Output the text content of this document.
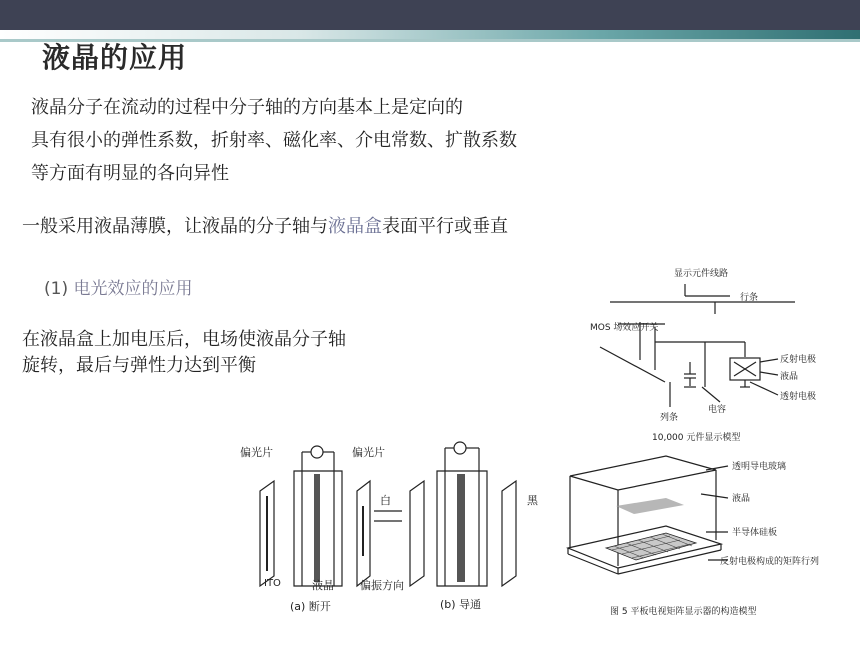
液晶的应用
液晶分子在流动的过程中分子轴的方向基本上是定向的
具有很小的弹性系数，折射率、磁化率、介电常数、扩散系数
等方面有明显的各向异性
一般采用液晶薄膜，让液晶的分子轴与液晶盒表面平行或垂直
(1) 电光效应的应用
在液晶盒上加电压后，电场使液晶分子轴
旋转，最后与弹性力达到平衡
显示元件线路
行条
MOS 场效应开关
反射电极
液晶
透射电极
列条
电容
10,000 元件显示模型
偏光片	偏光片
白	黑
ITO	液晶 偏振方向
(a) 断开	(b) 导通
透明导电玻璃
液晶
半导体硅板
反射电极构成的矩阵行列
图 5 平板电视矩阵显示器的构造模型
